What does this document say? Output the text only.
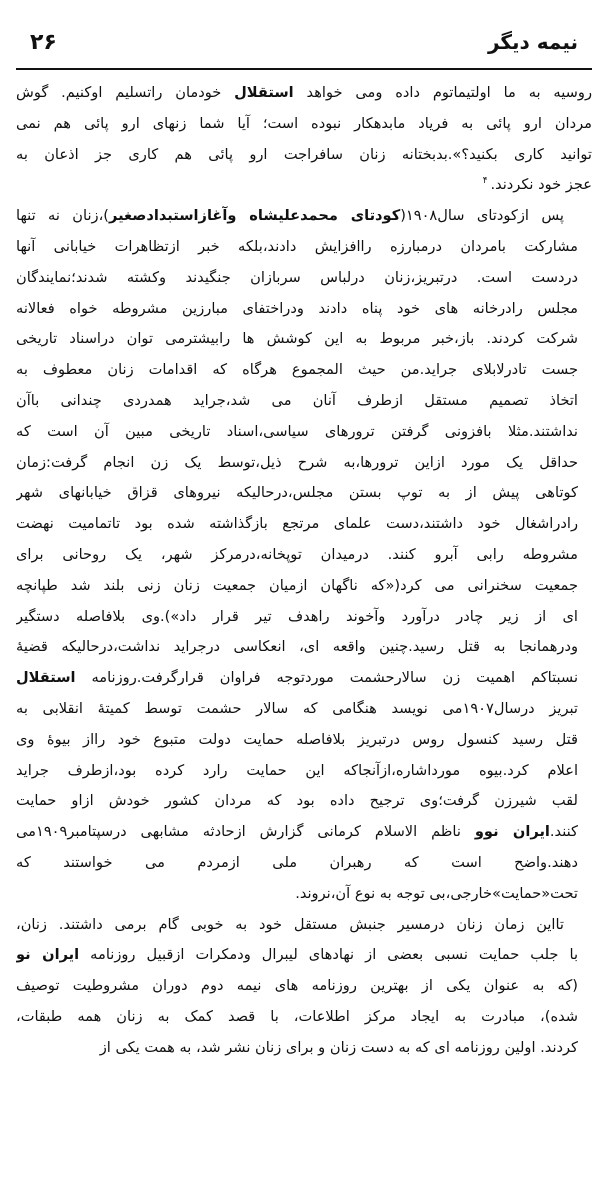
نیمه دیگر
۲۶
روسیه به ما اولتیماتوم داده ومی خواهد استقلال خودمان راتسلیم اوکنیم. گوش
مردان ارو پائی به فریاد مابدهکار نبوده است؛ آیا شما زنهای ارو پائی هم نمی
توانید کاری بکنید؟».بدبختانه زنان سافراجت ارو پائی هم کاری جز اذعان به
عجز خود نکردند. $^۴$
پس ازکودتای سال۱۹۰۸(کودتای محمدعلیشاه وآغازاستبدادصغیر)،زنان نه تنها
مشارکت بامردان درمبارزه راافزایش دادند،بلکه خبر ازتظاهرات خیابانی آنها
دردست است. درتبریز،زنان درلباس سربازان جنگیدند وکشته شدند؛نمایندگان
مجلس رادرخانه های خود پناه دادند ودراختفای مبارزین مشروطه خواه فعالانه
شرکت کردند. باز،خبر مربوط به این کوشش ها رابیشترمی توان دراسناد تاریخی
جست تادرلابلای جراید.من حیث المجموع هرگاه که اقدامات زنان معطوف به
اتخاذ تصمیم مستقل ازطرف آنان می شد،جراید همدردی چندانی باآن
نداشتند.مثلا بافزونی گرفتن ترورهای سیاسی،اسناد تاریخی مبین آن است که
حداقل یک مورد ازاین ترورها،به شرح ذیل،توسط یک زن انجام گرفت:زمان
کوتاهی پیش از به توپ بستن مجلس،درحالیکه نیروهای قزاق خیابانهای شهر
رادراشغال خود داشتند،دست علمای مرتجع بازگذاشته شده بود تاتمامیت نهضت
مشروطه رابی آبرو کنند. درمیدان توپخانه،درمرکز شهر، یک روحانی برای
جمعیت سخنرانی می کرد(«که ناگهان ازمیان جمعیت زنان زنی بلند شد طپانچه
ای از زیر چادر درآورد وآخوند راهدف تیر قرار داد»).وی بلافاصله دستگیر
ودرهمانجا به قتل رسید.چنین واقعه ای، انعکاسی درجراید نداشت،درحالیکه قضیهٔ
نسبتاکم اهمیت زن سالارحشمت موردتوجه فراوان قرارگرفت.روزنامه استقلال
تبریز درسال۱۹۰۷می نویسد هنگامی که سالار حشمت توسط کمیتهٔ انقلابی به
قتل رسید کنسول روس درتبریز بلافاصله حمایت دولت متبوع خود رااز بیوهٔ وی
اعلام کرد.بیوه مورداشاره،ازآنجاکه این حمایت رارد کرده بود،ازطرف جراید
لقب شیرزن گرفت؛وی ترجیح داده بود که مردان کشور خودش ازاو حمایت
کنند.ایران نوو ناظم الاسلام کرمانی گزارش ازحادثه مشابهی درسپتامبر۱۹۰۹می
دهند.واضح است که رهبران ملی ازمردم می خواستند که
تحت«حمایت»خارجی،بی توجه به نوع آن،نروند.
تااین زمان زنان درمسیر جنبش مستقل خود به خوبی گام برمی داشتند. زنان،
با جلب حمایت نسبی بعضی از نهادهای لیبرال ودمکرات ازقبیل روزنامه ایران نو
(که به عنوان یکی از بهترین روزنامه های نیمه دوم دوران مشروطیت توصیف
شده)، مبادرت به ایجاد مرکز اطلاعات، با قصد کمک به زنان همه طبقات،
کردند. اولین روزنامه ای که به دست زنان و برای زنان نشر شد، به همت یکی از
